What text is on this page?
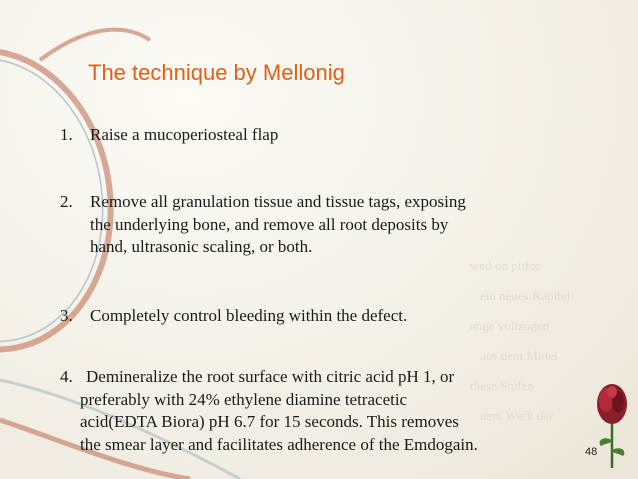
wed on pitfor
ein neues Kapitel
ange vollzogen
aus dem Mittel
diese Stufen
dem Werk der
The technique by Mellonig
1. Raise a mucoperiosteal flap
2. Remove all granulation tissue and tissue tags, exposing
the underlying bone, and remove all root deposits by
hand, ultrasonic scaling, or both.
3. Completely control bleeding within the defect.
4. Demineralize the root surface with citric acid pH 1, or
preferably with 24% ethylene diamine tetracetic
acid(EDTA Biora) pH 6.7 for 15 seconds. This removes
the smear layer and facilitates adherence of the Emdogain.	48
